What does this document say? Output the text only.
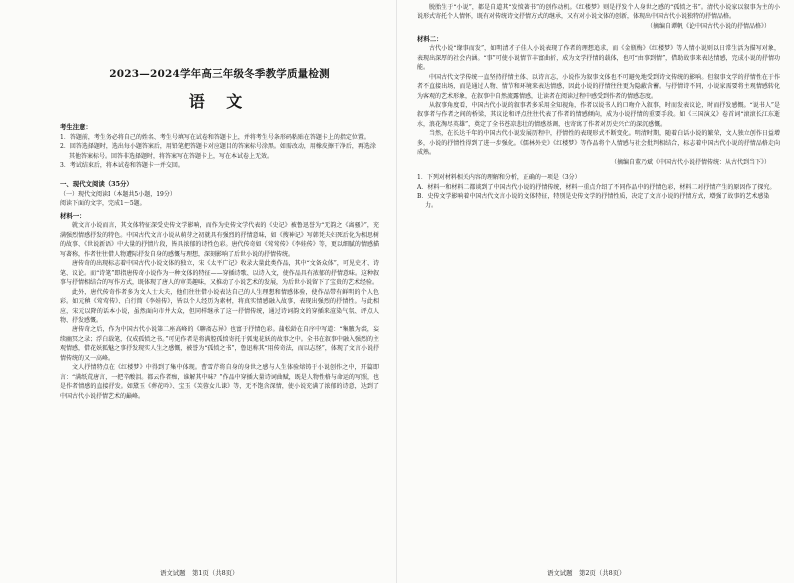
2023—2024学年高三年级冬季教学质量检测
语 文
考生注意：

1．答题前，考生务必将自己的姓名、考生号填写在试卷和答题卡上，并将考生号条形码粘贴在答题卡上的指定位置。

2．回答选择题时，选出每小题答案后，用铅笔把答题卡对应题目的答案标号涂黑。如需改动，用橡皮擦干净后，再选涂其他答案标号。回答非选择题时，将答案写在答题卡上，写在本试卷上无效。

3．考试结束后，将本试卷和答题卡一并交回。

一、现代文阅读（35分）

（一）现代文阅读Ⅰ（本题共5小题，19分）

阅读下面的文字，完成1～5题。

材料一：

就文言小说而言，其文体特征深受史传文学影响，而作为史传文学代表的《史记》被鲁迅誉为“无韵之《离骚》”，充满强烈情感抒发的特色。中国古代文言小说从萌芽之初就具有强烈的抒情意味，如《搜神记》写韩凭夫妇死后化为相思树的故事、《世说新语》中大量的抒情片段，皆具浓郁的诗性色彩。唐代传奇如《莺莺传》《李娃传》等，更以细腻的情感描写著称，作者往往借人物遭际抒发自身的感慨与理想，深刻影响了后世小说的抒情传统。

唐传奇的出现标志着中国古代小说文体的独立，宋《太平广记》收录大量此类作品，其中“文备众体”，可见史才、诗笔、议论。而“诗笔”即指唐传奇小说作为一种文体的特征——穿插诗歌、以诗入文，使作品具有浓郁的抒情意味。这种叙事与抒情相结合的写作方式，既体现了唐人的审美趣味，又推动了小说艺术的发展，为后世小说留下了宝贵的艺术经验。

此外，唐代传奇作者多为文人士大夫，他们往往借小说表达自己的人生理想和情感体验，使作品带有鲜明的个人色彩。如元稹《莺莺传》、白行简《李娃传》，皆以个人经历为素材，将真实情感融入故事，表现出强烈的抒情性。与此相应，宋元以降的话本小说，虽然面向市井大众，但同样继承了这一抒情传统，通过诗词韵文的穿插来渲染气氛、评点人物、抒发感慨。

唐传奇之后，作为中国古代小说第二座高峰的《聊斋志异》也富于抒情色彩。蒲松龄在自序中写道：“集腋为裘，妄续幽冥之录；浮白载笔，仅成孤愤之书。”可见作者是将满腔孤愤寄托于狐鬼花妖的故事之中。全书在叙事中融入强烈的主观情感，借花妖狐魅之事抒发现实人生之感慨，被誉为“孤愤之书”，鲁迅称其“用传奇法，而以志怪”，体现了文言小说抒情传统的又一高峰。

文人抒情特点在《红楼梦》中得到了集中体现。曹雪芹将自身的身世之感与人生体验熔铸于小说创作之中，开篇即言：“满纸荒唐言，一把辛酸泪。都云作者痴，谁解其中味？”作品中穿插大量诗词曲赋，既是人物性格与命运的写照，也是作者情感的直接抒发。如黛玉《葬花吟》、宝玉《芙蓉女儿诔》等，无不饱含深情，使小说充满了浓郁的诗意，达到了中国古代小说抒情艺术的巅峰。

语文试题　第1页（共8页）

脱胎生于“小说”，都是自道其“发愤著书”的创作动机。《红楼梦》则是抒发个人身世之感的“孤愤之书”。清代小说家以叙事为主的小说形式寄托个人情怀，既有对传统诗文抒情方式的继承，又有对小说文体的创新，体现出中国古代小说独特的抒情品格。

（摘编自谭帆《论中国古代小说的抒情品格》）

材料二：

古代小说“缘事而发”，如明清才子佳人小说表现了作者的理想追求，而《金瓶梅》《红楼梦》等人情小说则以日常生活为描写对象，表现出深厚的社会内涵。“事”可使小说情节丰富曲折，成为文学抒情的载体，也可“由事到情”，借助故事来表达情感，完成小说的抒情功能。

中国古代文学传统一直坚持抒情主体、以诗言志，小说作为叙事文体也不可避免地受到诗文传统的影响。但叙事文学的抒情性在于作者不直接出场，而是通过人物、情节和环境来表达情感，因此小说的抒情往往更为隐蔽含蓄。与抒情诗不同，小说家需要将主观情感转化为客观的艺术形象，在叙事中自然流露情感，让读者在阅读过程中感受到作者的情感态度。

从叙事角度看，中国古代小说的叙事者多采用全知视角，作者以说书人的口吻介入叙事，时而发表议论，时而抒发感慨。“说书人”是叙事者与作者之间的桥梁，其议论和评点往往代表了作者的情感倾向，成为小说抒情的重要手段。如《三国演义》卷首词“滚滚长江东逝水，浪花淘尽英雄”，奠定了全书苍凉悲壮的情感基调，也寄寓了作者对历史兴亡的深沉感慨。

当然，在长达千年的中国古代小说发展历程中，抒情性的表现形式不断变化。明清时期，随着白话小说的繁荣，文人独立创作日益增多，小说的抒情性得到了进一步强化。《儒林外史》《红楼梦》等作品将个人情感与社会批判相结合，标志着中国古代小说的抒情品格走向成熟。

（摘编自董乃斌《中国古代小说抒情传统：从古代到当下》）

1．下列对材料相关内容的理解和分析，正确的一项是（3分）

A．材料一和材料二都谈到了中国古代小说的抒情传统，材料一重点介绍了不同作品中的抒情色彩，材料二对抒情产生的原因作了探究。

B．史传文学影响着中国古代文言小说的文体特征，特别是史传文学的抒情性质，决定了文言小说的抒情方式，增强了故事的艺术感染力。

语文试题　第2页（共8页）
